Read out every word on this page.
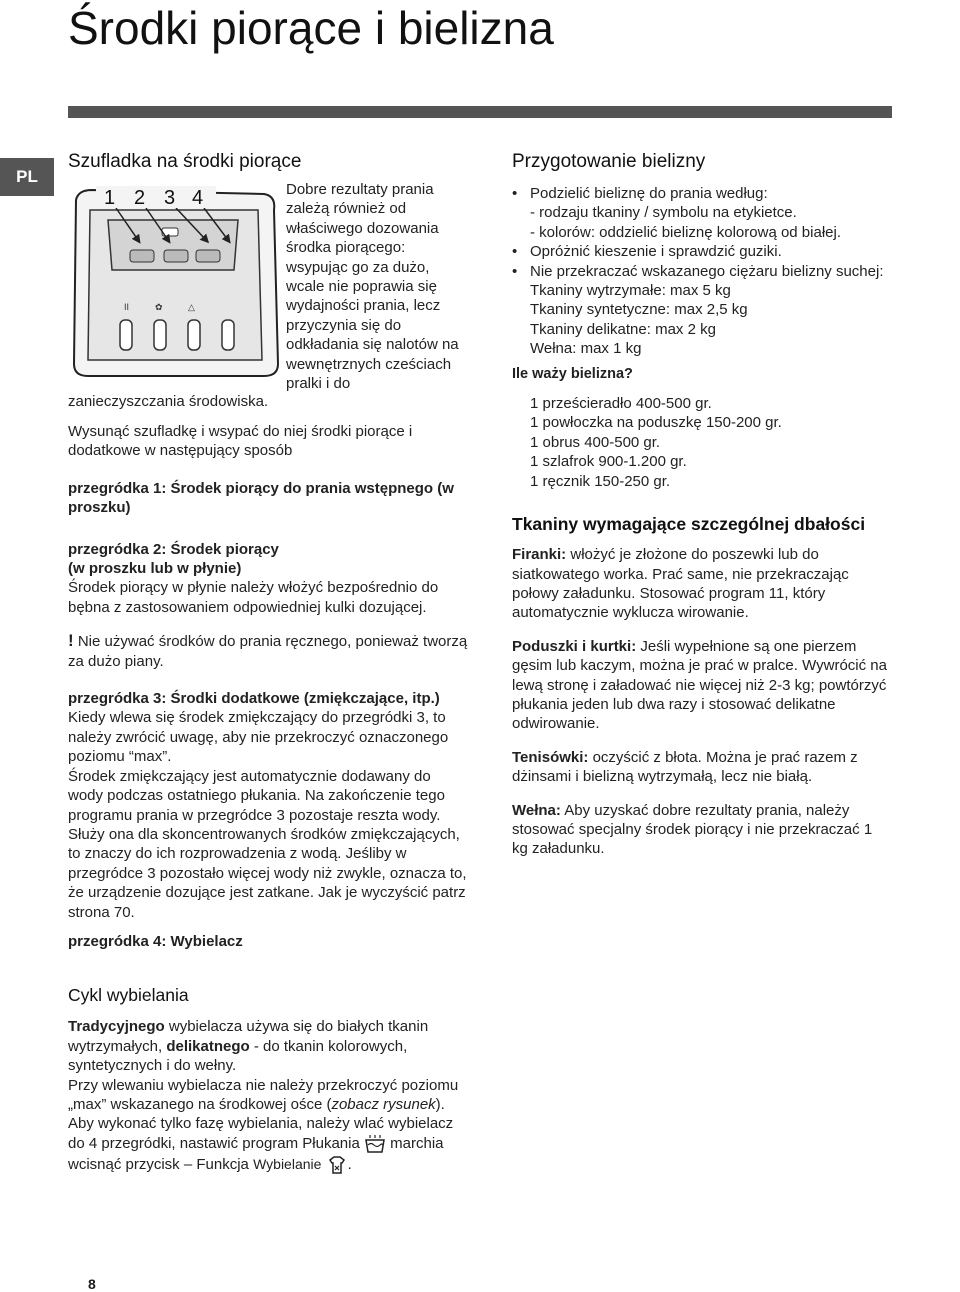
Środki piorące i bielizna
PL
Szufladka na środki piorące
II	✿	△
1 2 3 4	Dobre rezultaty prania zależą również od właściwego dozowania środka piorącego: wsypując go za dużo, wcale nie poprawia się wydajności prania, lecz przyczynia się do odkładania się nalotów na wewnętrznych cześciach pralki i do

zanieczyszczania środowiska.

Wysunąć szufladkę i wsypać do niej środki piorące i dodatkowe w następujący sposób

przegródka 1: Środek piorący do prania wstępnego (w proszku)

przegródka 2: Środek piorący

(w proszku lub w płynie)

Środek piorący w płynie należy włożyć bezpośrednio do bębna z zastosowaniem odpowiedniej kulki dozującej.

! Nie używać środków do prania ręcznego, ponieważ tworzą za dużo piany.

przegródka 3: Środki dodatkowe (zmiękczające, itp.)

Kiedy wlewa się środek zmiękczający do przegródki 3, to należy zwrócić uwagę, aby nie przekroczyć oznaczonego poziomu “max”.

Środek zmiękczający jest automatycznie dodawany do wody podczas ostatniego płukania. Na zakończenie tego programu prania w przegródce 3 pozostaje reszta wody. Służy ona dla skoncentrowanych środków zmiękczających, to znaczy do ich rozprowadzenia z wodą. Jeśliby w przegródce 3 pozostało więcej wody niż zwykle, oznacza to, że urządzenie dozujące jest zatkane. Jak je wyczyścić patrz strona 70.

przegródka 4: Wybielacz

Cykl wybielania

Tradycyjnego wybielacza używa się do białych tkanin wytrzymałych, delikatnego - do tkanin kolorowych, syntetycznych i do wełny.

Przy wlewaniu wybielacza nie należy przekroczyć poziomu „max” wskazanego na środkowej ośce (zobacz rysunek).

Aby wykonać tylko fazę wybielania, należy wlać wybielacz do 4 przegródki, nastawić program Płukania  marchia wcisnąć przycisk – Funkcja Wybielanie .

Przygotowanie bielizny
• Podzielić bieliznę do prania według:
- rodzaju tkaniny / symbolu na etykietce.
- kolorów: oddzielić bieliznę kolorową od białej.
• Opróżnić kieszenie i sprawdzić guziki.
• Nie przekraczać wskazanego ciężaru bielizny suchej:
Tkaniny wytrzymałe: max 5 kg
Tkaniny syntetyczne: max 2,5 kg
Tkaniny delikatne: max 2 kg
Wełna: max 1 kg

Ile waży bielizna?

1 prześcieradło 400-500 gr.

1 powłoczka na poduszkę 150-200 gr.

1 obrus 400-500 gr.

1 szlafrok 900-1.200 gr.

1 ręcznik 150-250 gr.

Tkaniny wymagające szczególnej dbałości

Firanki: włożyć je złożone do poszewki lub do siatkowatego worka. Prać same, nie przekraczając połowy załadunku. Stosować program 11, który automatycznie wyklucza wirowanie.

Poduszki i kurtki: Jeśli wypełnione są one pierzem gęsim lub kaczym, można je prać w pralce. Wywrócić na lewą stronę i załadować nie więcej niż 2-3 kg; powtórzyć płukania jeden lub dwa razy i stosować delikatne odwirowanie.

Tenisówki: oczyścić z błota. Można je prać razem z dżinsami i bielizną wytrzymałą, lecz nie białą.

Wełna: Aby uzyskać dobre rezultaty prania, należy stosować specjalny środek piorący i nie przekraczać 1 kg załadunku.

8
